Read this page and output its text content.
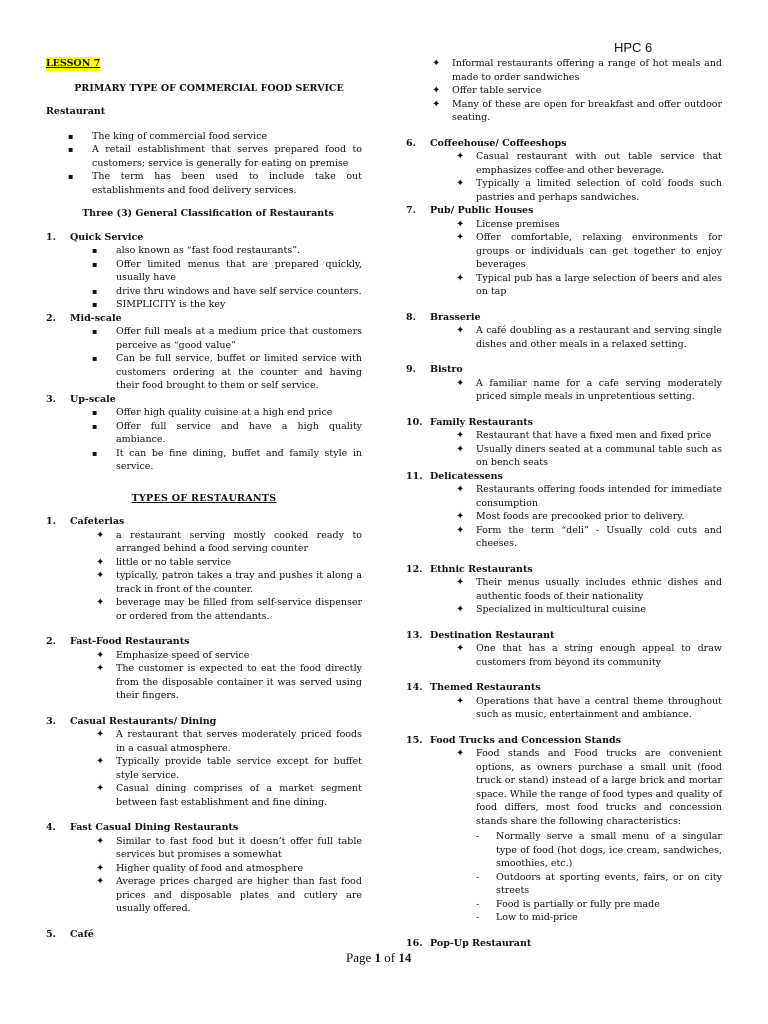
HPC 6
LESSON 7
PRIMARY TYPE OF COMMERCIAL FOOD SERVICE
Restaurant
▪ The king of commercial food service
▪ A retail establishment that serves prepared food to customers; service is generally for eating on premise
▪ The term has been used to include take out establishments and food delivery services.
Three (3) General Classification of Restaurants
1. Quick Service
▪ also known as “fast food restaurants”.
▪ Offer limited menus that are prepared quickly, usually have
▪ drive thru windows and have self service counters.
▪ SIMPLICITY is the key
2. Mid-scale
▪ Offer full meals at a medium price that customers perceive as “good value”
▪ Can be full service, buffet or limited service with customers ordering at the counter and having their food brought to them or self service.
3. Up-scale
▪ Offer high quality cuisine at a high end price
▪ Offer full service and have a high quality ambiance.
▪ It can be fine dining, buffet and family style in service.
TYPES OF RESTAURANTS
1. Cafeterias
✦ a restaurant serving mostly cooked ready to arranged behind a food serving counter
✦ little or no table service
✦ typically, patron takes a tray and pushes it along a track in front of the counter.
✦ beverage may be filled from self-service dispenser or ordered from the attendants.
2. Fast-Food Restaurants
✦ Emphasize speed of service
✦ The customer is expected to eat the food directly from the disposable container it was served using their fingers.
3. Casual Restaurants/ Dining
✦ A restaurant that serves moderately priced foods in a casual atmosphere.
✦ Typically provide table service except for buffet style service.
✦ Casual dining comprises of a market segment between fast establishment and fine dining.
4. Fast Casual Dining Restaurants
✦ Similar to fast food but it doesn’t offer full table services but promises a somewhat
✦ Higher quality of food and atmosphere
✦ Average prices charged are higher than fast food prices and disposable plates and cutlery are usually offered.
5. Café
✦ Informal restaurants offering a range of hot meals and made to order sandwiches
✦ Offer table service
✦ Many of these are open for breakfast and offer outdoor seating.
6. Coffeehouse/ Coffeeshops
✦ Casual restaurant with out table service that emphasizes coffee and other beverage.
✦ Typically a limited selection of cold foods such pastries and perhaps sandwiches.
7. Pub/ Public Houses
✦ License premises
✦ Offer comfortable, relaxing environments for groups or individuals can get together to enjoy beverages
✦ Typical pub has a large selection of beers and ales on tap
8. Brasserie
✦ A café doubling as a restaurant and serving single dishes and other meals in a relaxed setting.
9. Bistro
✦ A familiar name for a cafe serving moderately priced simple meals in unpretentious setting.
10. Family Restaurants
✦ Restaurant that have a fixed men and fixed price
✦ Usually diners seated at a communal table such as on bench seats
11. Delicatessens
✦ Restaurants offering foods intended for immediate consumption
✦ Most foods are precooked prior to delivery.
✦ Form the term “deli” - Usually cold cuts and cheeses.
12. Ethnic Restaurants
✦ Their menus usually includes ethnic dishes and authentic foods of their nationality
✦ Specialized in multicultural cuisine
13. Destination Restaurant
✦ One that has a string enough appeal to draw customers from beyond its community
14. Themed Restaurants
✦ Operations that have a central theme throughout such as music, entertainment and ambiance.
15. Food Trucks and Concession Stands
✦ Food stands and Food trucks are convenient options, as owners purchase a small unit (food truck or stand) instead of a large brick and mortar space. While the range of food types and quality of food differs, most food trucks and concession stands share the following characteristics:
- Normally serve a small menu of a singular type of food (hot dogs, ice cream, sandwiches, smoothies, etc.)
- Outdoors at sporting events, fairs, or on city streets
- Food is partially or fully pre made
- Low to mid-price
16. Pop-Up Restaurant
Page 1 of 14
